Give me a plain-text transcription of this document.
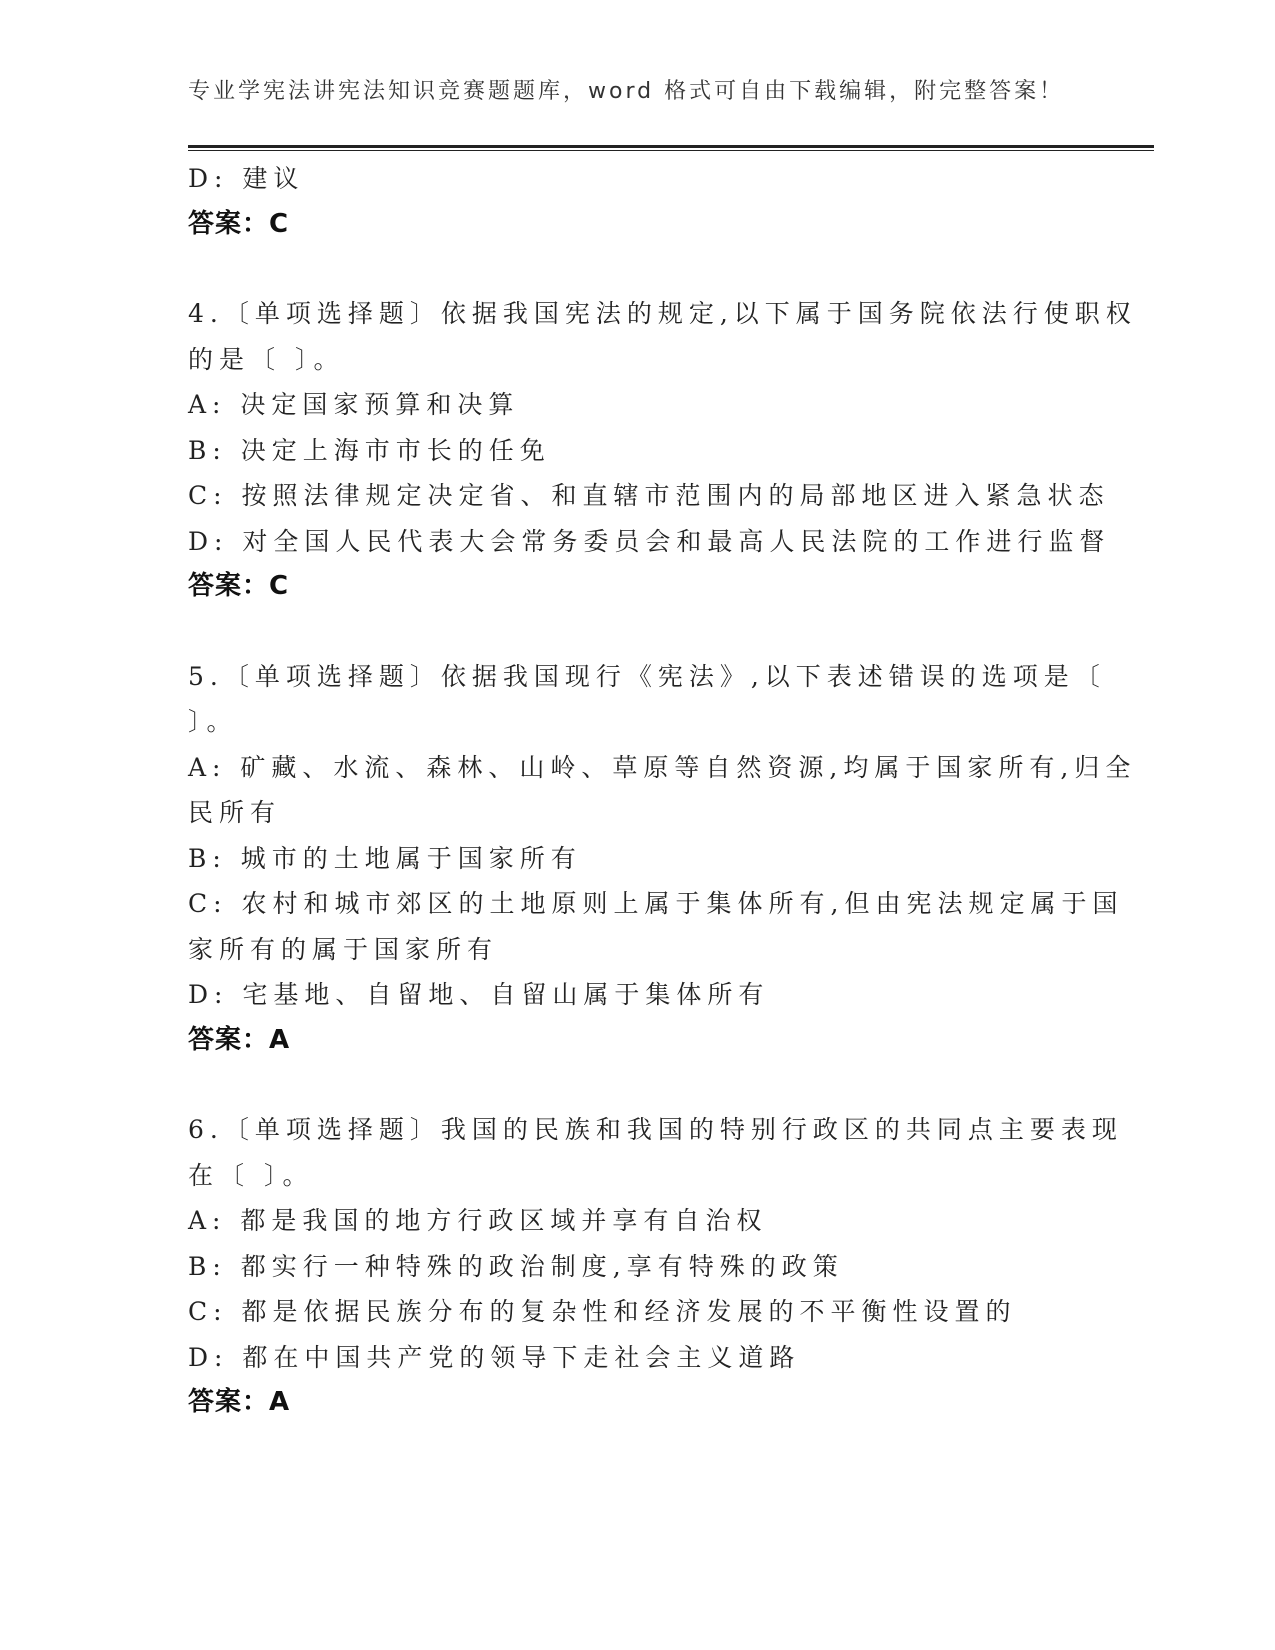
专业学宪法讲宪法知识竞赛题题库，word 格式可自由下载编辑，附完整答案！
D: 建议
答案：C
4.〔单项选择题〕依据我国宪法的规定,以下属于国务院依法行使职权
的是〔 〕。
A: 决定国家预算和决算
B: 决定上海市市长的任免
C: 按照法律规定决定省、和直辖市范围内的局部地区进入紧急状态
D: 对全国人民代表大会常务委员会和最高人民法院的工作进行监督
答案：C
5.〔单项选择题〕依据我国现行《宪法》,以下表述错误的选项是〔
〕。
A: 矿藏、水流、森林、山岭、草原等自然资源,均属于国家所有,归全
民所有
B: 城市的土地属于国家所有
C: 农村和城市郊区的土地原则上属于集体所有,但由宪法规定属于国
家所有的属于国家所有
D: 宅基地、自留地、自留山属于集体所有
答案：A
6.〔单项选择题〕我国的民族和我国的特别行政区的共同点主要表现
在〔 〕。
A: 都是我国的地方行政区域并享有自治权
B: 都实行一种特殊的政治制度,享有特殊的政策
C: 都是依据民族分布的复杂性和经济发展的不平衡性设置的
D: 都在中国共产党的领导下走社会主义道路
答案：A
